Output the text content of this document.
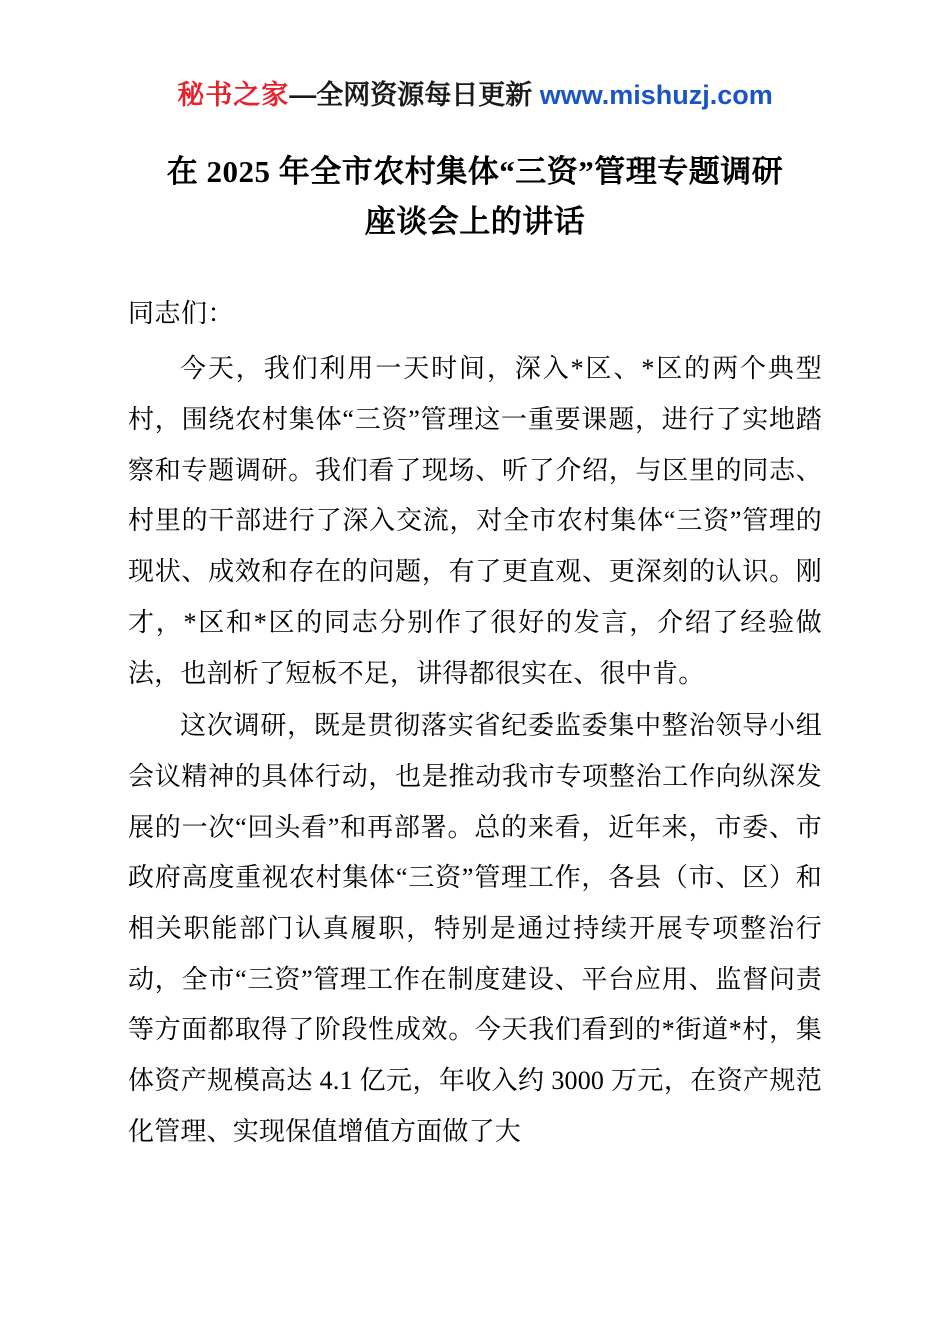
秘书之家—全网资源每日更新 www.mishuzj.com
在 2025 年全市农村集体“三资”管理专题调研
座谈会上的讲话
同志们：

今天，我们利用一天时间，深入*区、*区的两个典型村，围绕农村集体“三资”管理这一重要课题，进行了实地踏察和专题调研。我们看了现场、听了介绍，与区里的同志、村里的干部进行了深入交流，对全市农村集体“三资”管理的现状、成效和存在的问题，有了更直观、更深刻的认识。刚才，*区和*区的同志分别作了很好的发言，介绍了经验做法，也剖析了短板不足，讲得都很实在、很中肯。

这次调研，既是贯彻落实省纪委监委集中整治领导小组会议精神的具体行动，也是推动我市专项整治工作向纵深发展的一次“回头看”和再部署。总的来看，近年来，市委、市政府高度重视农村集体“三资”管理工作，各县（市、区）和相关职能部门认真履职，特别是通过持续开展专项整治行动，全市“三资”管理工作在制度建设、平台应用、监督问责等方面都取得了阶段性成效。今天我们看到的*街道*村，集体资产规模高达 4.1 亿元，年收入约 3000 万元，在资产规范化管理、实现保值增值方面做了大
